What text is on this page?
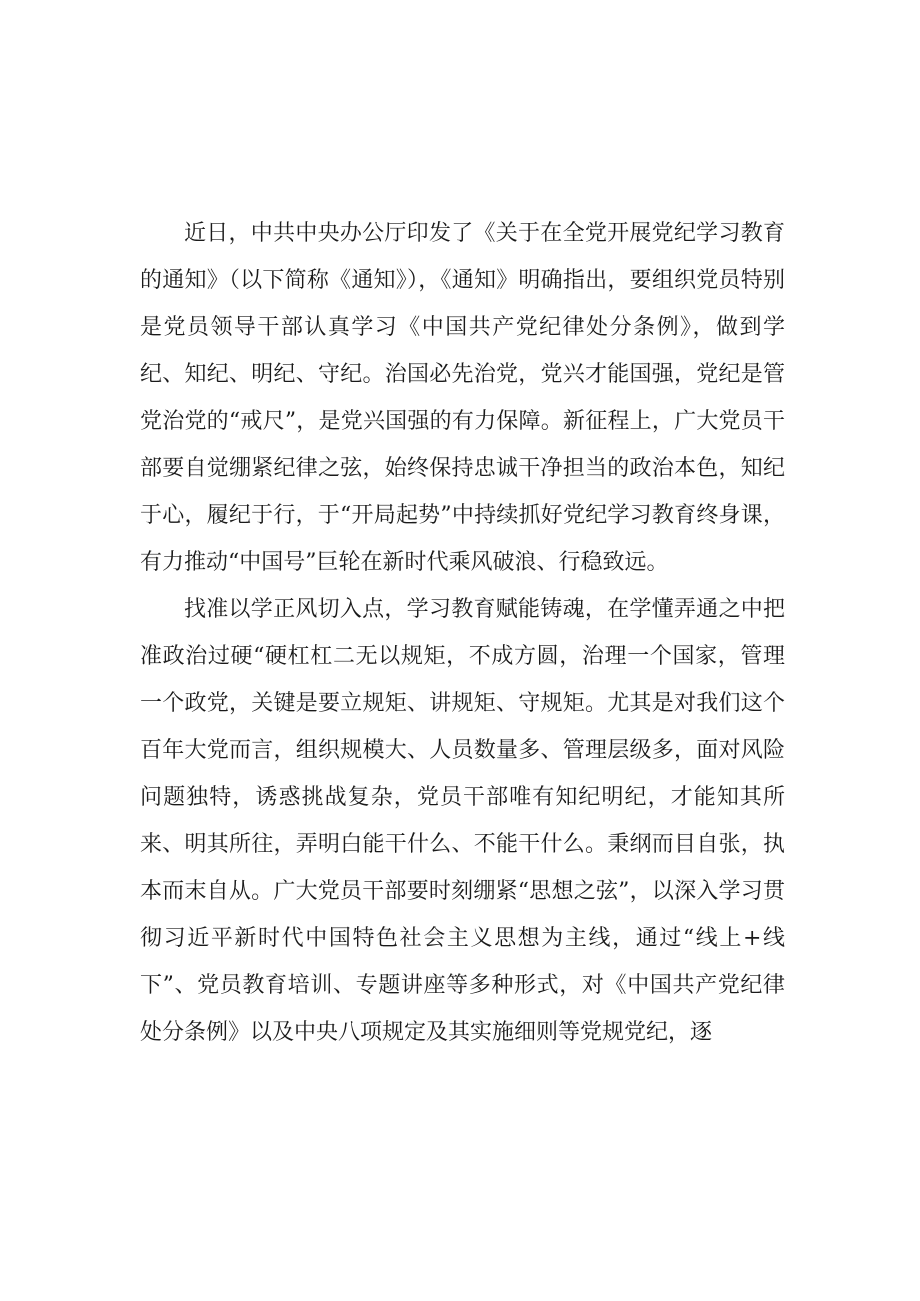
近日，中共中央办公厅印发了《关于在全党开展党纪学习教育的通知》（以下简称《通知》），《通知》明确指出，要组织党员特别是党员领导干部认真学习《中国共产党纪律处分条例》，做到学纪、知纪、明纪、守纪。治国必先治党，党兴才能国强，党纪是管党治党的“戒尺”，是党兴国强的有力保障。新征程上，广大党员干部要自觉绷紧纪律之弦，始终保持忠诚干净担当的政治本色，知纪于心，履纪于行，于“开局起势”中持续抓好党纪学习教育终身课，有力推动“中国号”巨轮在新时代乘风破浪、行稳致远。

找准以学正风切入点，学习教育赋能铸魂，在学懂弄通之中把准政治过硬“硬杠杠二无以规矩，不成方圆，治理一个国家，管理一个政党，关键是要立规矩、讲规矩、守规矩。尤其是对我们这个百年大党而言，组织规模大、人员数量多、管理层级多，面对风险问题独特，诱惑挑战复杂，党员干部唯有知纪明纪，才能知其所来、明其所往，弄明白能干什么、不能干什么。秉纲而目自张，执本而末自从。广大党员干部要时刻绷紧“思想之弦”，以深入学习贯彻习近平新时代中国特色社会主义思想为主线，通过“线上+线下”、党员教育培训、专题讲座等多种形式，对《中国共产党纪律处分条例》以及中央八项规定及其实施细则等党规党纪，逐
